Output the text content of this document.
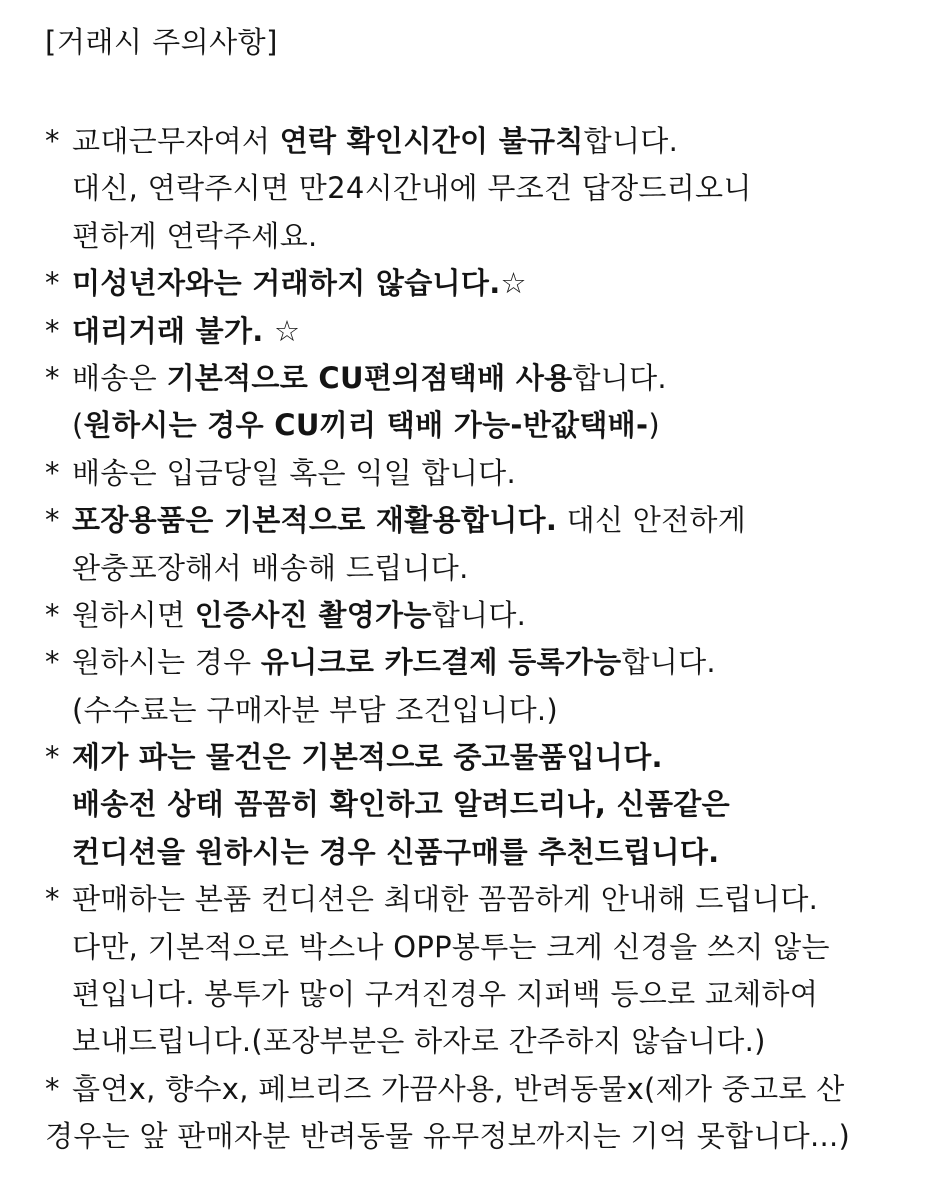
[거래시 주의사항]
* 교대근무자여서 연락 확인시간이 불규칙합니다.
대신, 연락주시면 만24시간내에 무조건 답장드리오니
편하게 연락주세요.
* 미성년자와는 거래하지 않습니다.☆
* 대리거래 불가. ☆
* 배송은 기본적으로 CU편의점택배 사용합니다.
(원하시는 경우 CU끼리 택배 가능-반값택배-)
* 배송은 입금당일 혹은 익일 합니다.
* 포장용품은 기본적으로 재활용합니다. 대신 안전하게
완충포장해서 배송해 드립니다.
* 원하시면 인증사진 촬영가능합니다.
* 원하시는 경우 유니크로 카드결제 등록가능합니다.
(수수료는 구매자분 부담 조건입니다.)
* 제가 파는 물건은 기본적으로 중고물품입니다.
배송전 상태 꼼꼼히 확인하고 알려드리나, 신품같은
컨디션을 원하시는 경우 신품구매를 추천드립니다.
* 판매하는 본품 컨디션은 최대한 꼼꼼하게 안내해 드립니다.
다만, 기본적으로 박스나 OPP봉투는 크게 신경을 쓰지 않는
편입니다. 봉투가 많이 구겨진경우 지퍼백 등으로 교체하여
보내드립니다.(포장부분은 하자로 간주하지 않습니다.)
* 흡연x, 향수x, 페브리즈 가끔사용, 반려동물x(제가 중고로 산
경우는 앞 판매자분 반려동물 유무정보까지는 기억 못합니다...)
